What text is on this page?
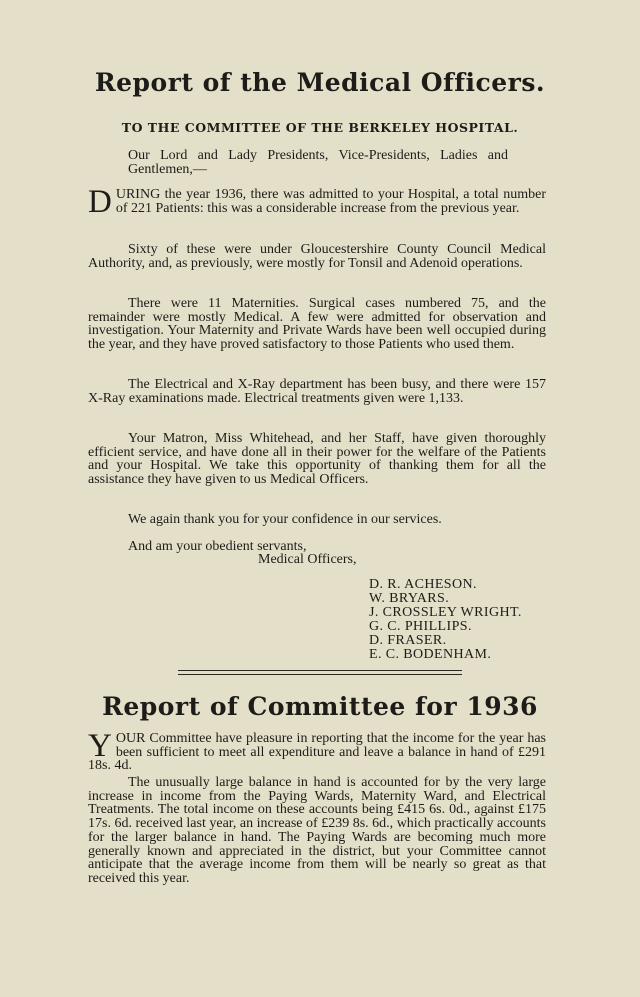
Report of the Medical Officers.
TO THE COMMITTEE OF THE BERKELEY HOSPITAL.

Our Lord and Lady Presidents, Vice-Presidents, Ladies and Gentlemen,—

DURING the year 1936, there was admitted to your Hospital, a total number of 221 Patients: this was a considerable increase from the previous year.

Sixty of these were under Gloucestershire County Council Medical Authority, and, as previously, were mostly for Tonsil and Adenoid operations.

There were 11 Maternities. Surgical cases numbered 75, and the remainder were mostly Medical. A few were admitted for observation and investigation. Your Maternity and Private Wards have been well occupied during the year, and they have proved satisfactory to those Patients who used them.

The Electrical and X-Ray department has been busy, and there were 157 X-Ray examinations made. Electrical treatments given were 1,133.

Your Matron, Miss Whitehead, and her Staff, have given thoroughly efficient service, and have done all in their power for the welfare of the Patients and your Hospital. We take this opportunity of thanking them for all the assistance they have given to us Medical Officers.

We again thank you for your confidence in our services.

And am your obedient servants,

Medical Officers,

D. R. ACHESON.
W. BRYARS.
J. CROSSLEY WRIGHT.
G. C. PHILLIPS.
D. FRASER.
E. C. BODENHAM.
Report of Committee for 1936

YOUR Committee have pleasure in reporting that the income for the year has been sufficient to meet all expenditure and leave a balance in hand of £291 18s. 4d.

The unusually large balance in hand is accounted for by the very large increase in income from the Paying Wards, Maternity Ward, and Electrical Treatments. The total income on these accounts being £415 6s. 0d., against £175 17s. 6d. received last year, an increase of £239 8s. 6d., which practically accounts for the larger balance in hand. The Paying Wards are becoming much more generally known and appreciated in the district, but your Committee cannot anticipate that the average income from them will be nearly so great as that received this year.
